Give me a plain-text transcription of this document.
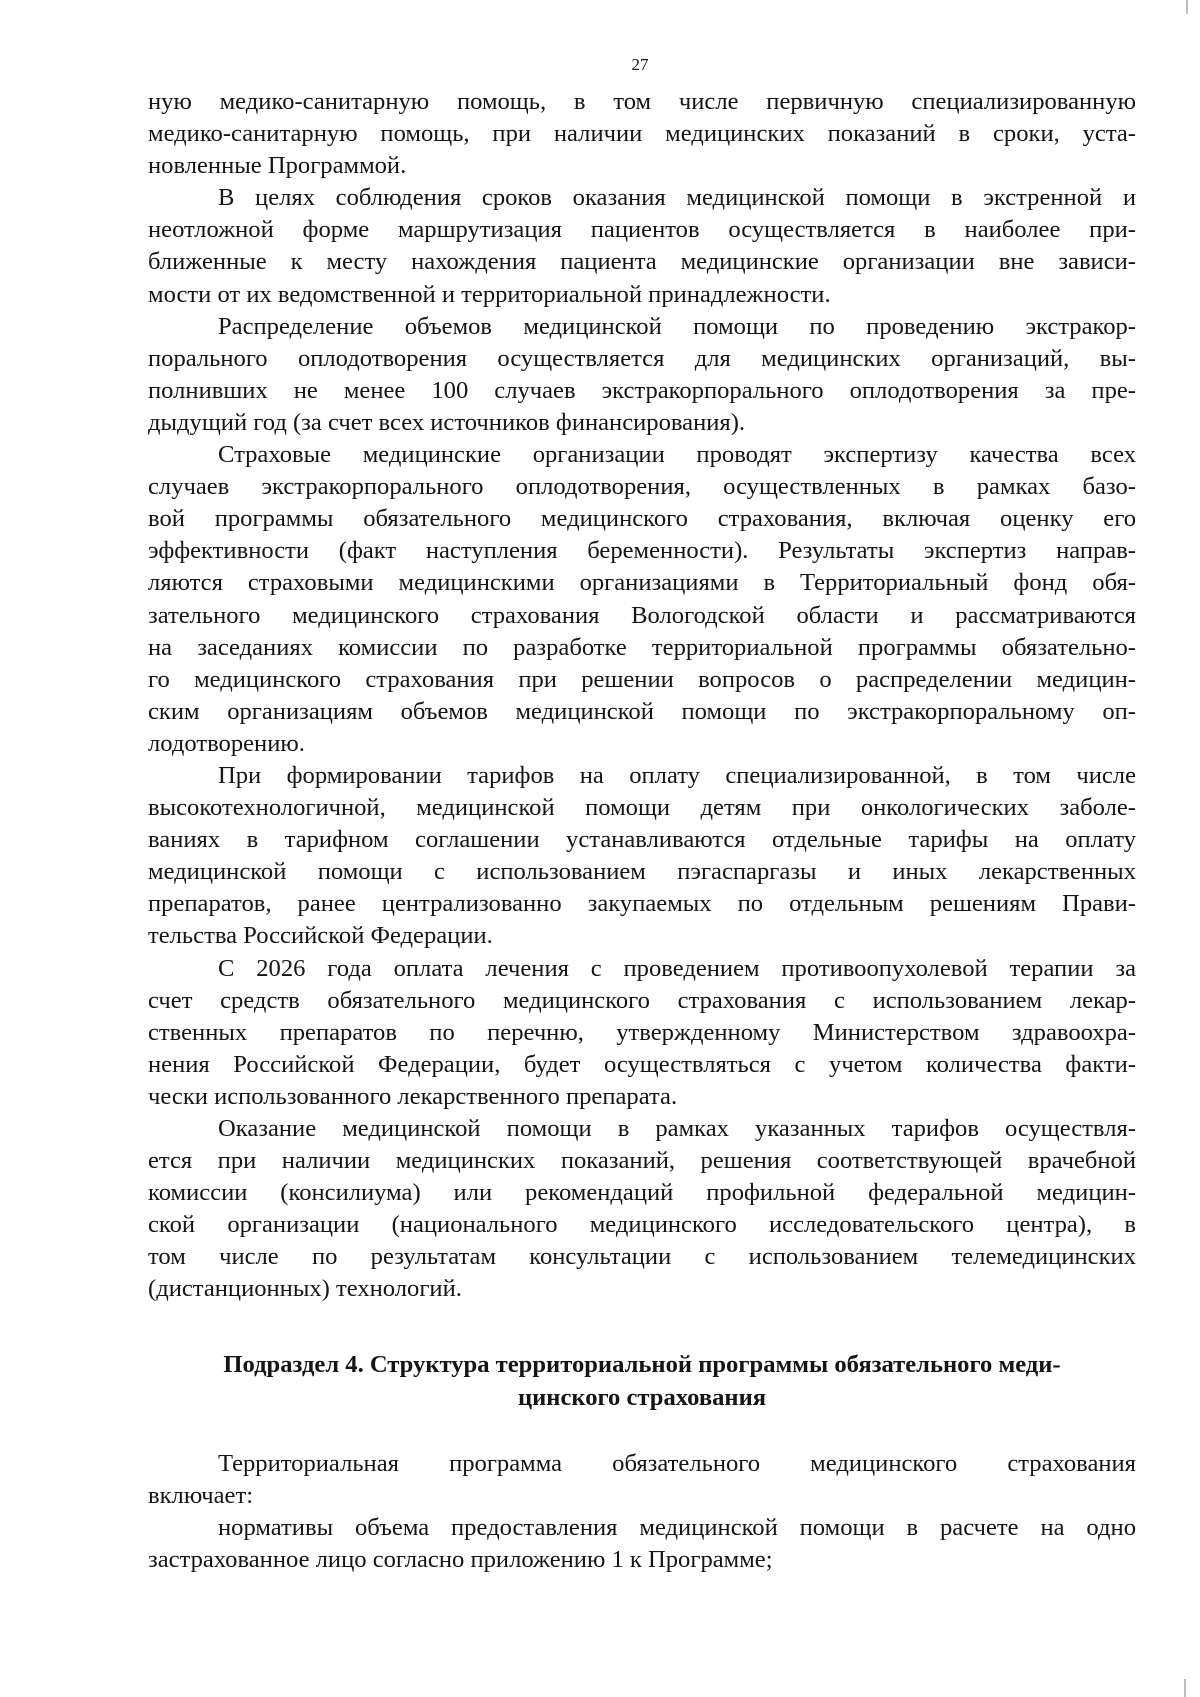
27

ную медико-санитарную помощь, в том числе первичную специализированную
медико-санитарную помощь, при наличии медицинских показаний в сроки, уста-
новленные Программой.

В целях соблюдения сроков оказания медицинской помощи в экстренной и
неотложной форме маршрутизация пациентов осуществляется в наиболее при-
ближенные к месту нахождения пациента медицинские организации вне зависи-
мости от их ведомственной и территориальной принадлежности.

Распределение объемов медицинской помощи по проведению экстракор-
порального оплодотворения осуществляется для медицинских организаций, вы-
полнивших не менее 100 случаев экстракорпорального оплодотворения за пре-
дыдущий год (за счет всех источников финансирования).

Страховые медицинские организации проводят экспертизу качества всех
случаев экстракорпорального оплодотворения, осуществленных в рамках базо-
вой программы обязательного медицинского страхования, включая оценку его
эффективности (факт наступления беременности). Результаты экспертиз направ-
ляются страховыми медицинскими организациями в Территориальный фонд обя-
зательного медицинского страхования Вологодской области и рассматриваются
на заседаниях комиссии по разработке территориальной программы обязательно-
го медицинского страхования при решении вопросов о распределении медицин-
ским организациям объемов медицинской помощи по экстракорпоральному оп-
лодотворению.

При формировании тарифов на оплату специализированной, в том числе
высокотехнологичной, медицинской помощи детям при онкологических заболе-
ваниях в тарифном соглашении устанавливаются отдельные тарифы на оплату
медицинской помощи с использованием пэгаспаргазы и иных лекарственных
препаратов, ранее централизованно закупаемых по отдельным решениям Прави-
тельства Российской Федерации.

С 2026 года оплата лечения с проведением противоопухолевой терапии за
счет средств обязательного медицинского страхования с использованием лекар-
ственных препаратов по перечню, утвержденному Министерством здравоохра-
нения Российской Федерации, будет осуществляться с учетом количества факти-
чески использованного лекарственного препарата.

Оказание медицинской помощи в рамках указанных тарифов осуществля-
ется при наличии медицинских показаний, решения соответствующей врачебной
комиссии (консилиума) или рекомендаций профильной федеральной медицин-
ской организации (национального медицинского исследовательского центра), в
том числе по результатам консультации с использованием телемедицинских
(дистанционных) технологий.

Подраздел 4. Структура территориальной программы обязательного меди-
цинского страхования

Территориальная программа обязательного медицинского страхования
включает:

нормативы объема предоставления медицинской помощи в расчете на одно
застрахованное лицо согласно приложению 1 к Программе;
